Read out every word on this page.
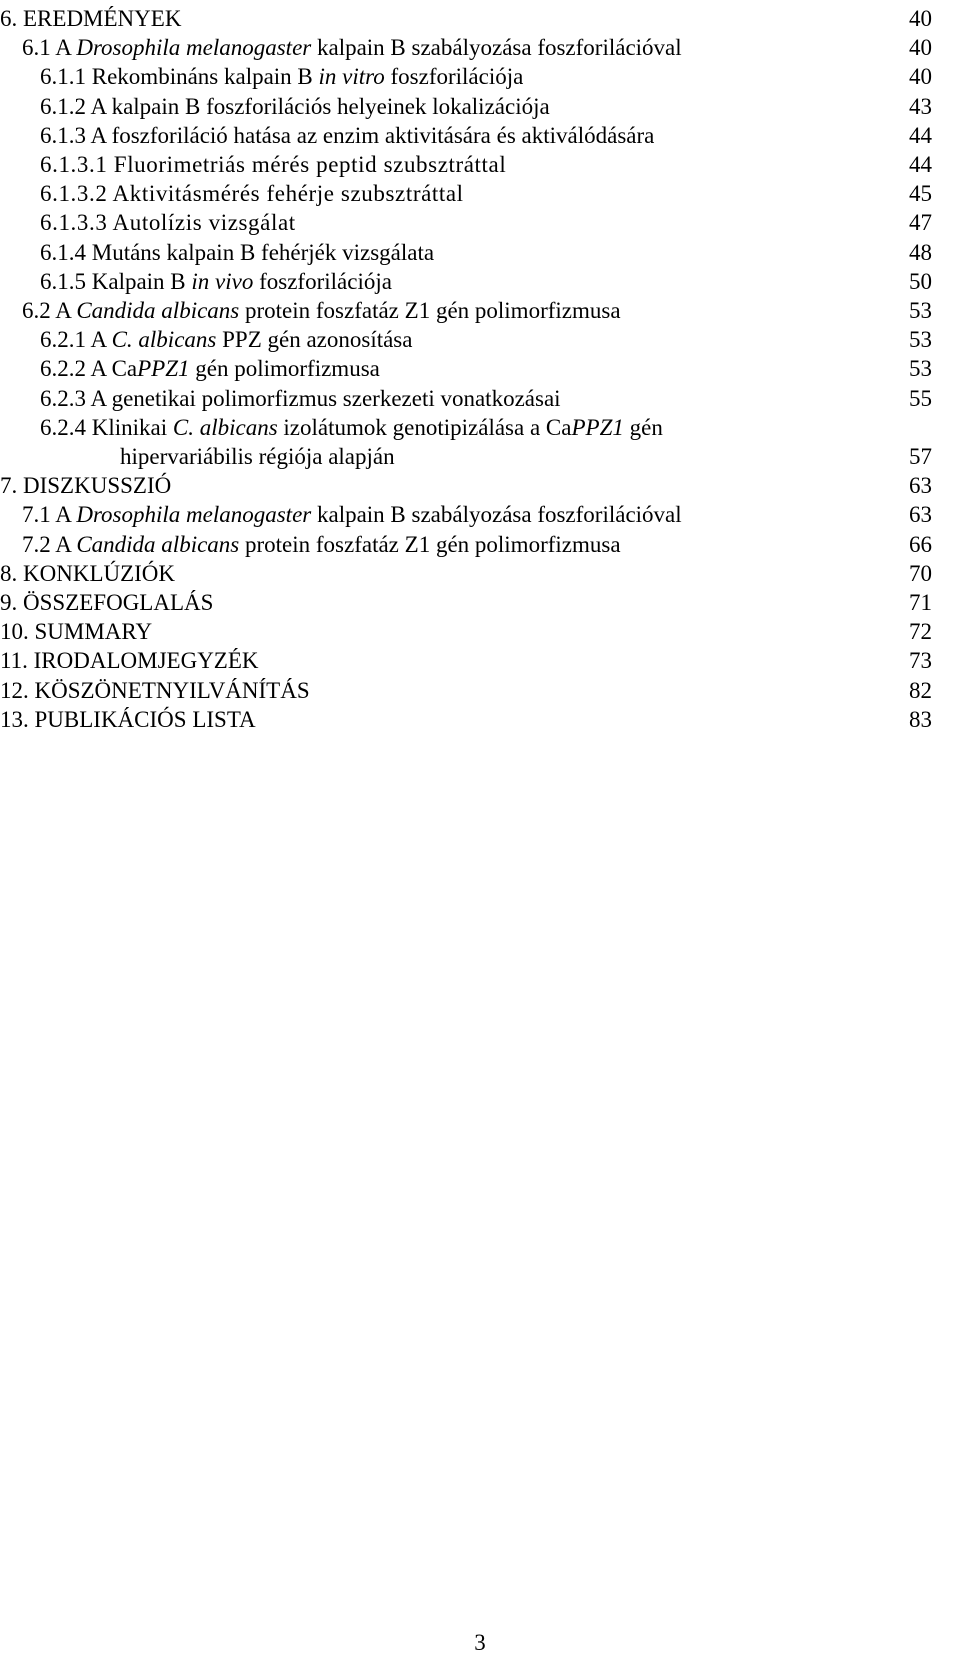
6. EREDMÉNYEK	40
6.1 A Drosophila melanogaster kalpain B szabályozása foszforilációval	40
6.1.1 Rekombináns kalpain B in vitro foszforilációja	40
6.1.2 A kalpain B foszforilációs helyeinek lokalizációja	43
6.1.3 A foszforiláció hatása az enzim aktivitására és aktiválódására	44
6.1.3.1 Fluorimetriás mérés peptid szubsztráttal	44
6.1.3.2 Aktivitásmérés fehérje szubsztráttal	45
6.1.3.3 Autolízis vizsgálat	47
6.1.4 Mutáns kalpain B fehérjék vizsgálata	48
6.1.5 Kalpain B in vivo foszforilációja	50
6.2 A Candida albicans protein foszfatáz Z1 gén polimorfizmusa	53
6.2.1 A C. albicans PPZ gén azonosítása	53
6.2.2 A CaPPZ1 gén polimorfizmusa	53
6.2.3 A genetikai polimorfizmus szerkezeti vonatkozásai	55
6.2.4 Klinikai C. albicans izolátumok genotipizálása a CaPPZ1 gén
hipervariábilis régiója alapján	57
7. DISZKUSSZIÓ	63
7.1 A Drosophila melanogaster kalpain B szabályozása foszforilációval	63
7.2 A Candida albicans protein foszfatáz Z1 gén polimorfizmusa	66
8. KONKLÚZIÓK	70
9. ÖSSZEFOGLALÁS	71
10. SUMMARY	72
11. IRODALOMJEGYZÉK	73
12. KÖSZÖNETNYILVÁNÍTÁS	82
13. PUBLIKÁCIÓS LISTA	83
3
